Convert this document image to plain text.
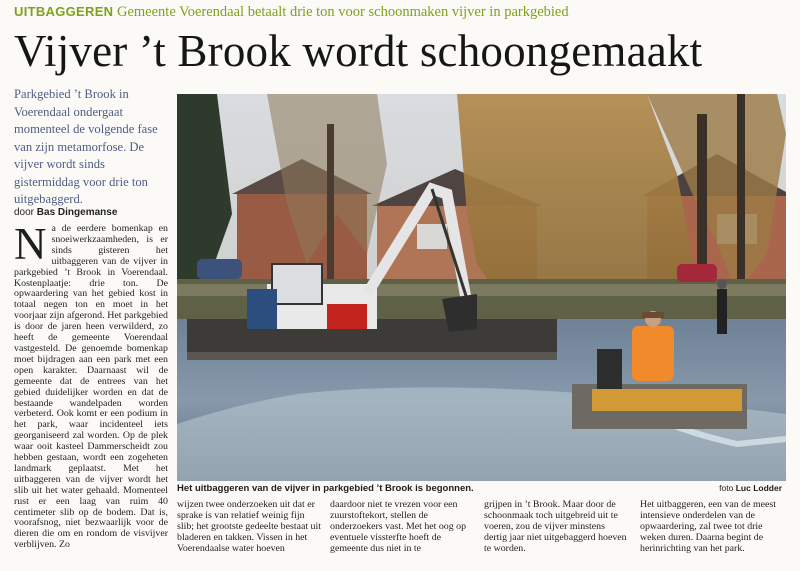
UITBAGGEREN Gemeente Voerendaal betaalt drie ton voor schoonmaken vijver in parkgebied
Vijver ’t Brook wordt schoongemaakt
Parkgebied ’t Brook in Voerendaal ondergaat momenteel de volgende fase van zijn metamorfose. De vijver wordt sinds gistermiddag voor drie ton uitgebaggerd.
door Bas Dingemanse
N a de eerdere bomenkap en snoeiwerkzaamheden, is er sinds gisteren het uitbaggeren van de vijver in parkgebied ’t Brook in Voerendaal. Kostenplaatje: drie ton. De opwaardering van het gebied kost in totaal negen ton en moet in het voorjaar zijn afgerond. Het parkgebied is door de jaren heen verwilderd, zo heeft de gemeente Voerendaal vastgesteld. De genoemde bomenkap moet bijdragen aan een park met een open karakter. Daarnaast wil de gemeente dat de entrees van het gebied duidelijker worden en dat de bestaande wandelpaden worden verbeterd. Ook komt er een podium in het park, waar incidenteel iets georganiseerd zal worden. Op de plek waar ooit kasteel Dammerscheidt zou hebben gestaan, wordt een zogeheten landmark geplaatst. Met het uitbaggeren van de vijver wordt het slib uit het water gehaald. Momenteel rust er een laag van ruim 40 centimeter slib op de bodem. Dat is, voorafsnog, niet bezwaarlijk voor de dieren die om en rondom de visvijver verblijven. Zo
Het uitbaggeren van de vijver in parkgebied ’t Brook is begonnen.	foto Luc Lodder
wijzen twee onderzoeken uit dat er sprake is van relatief weinig fijn slib; het grootste gedeelte bestaat uit bladeren en takken. Vissen in het Voerendaalse water hoeven
daardoor niet te vrezen voor een zuurstoftekort, stellen de onderzoekers vast. Met het oog op eventuele vissterfte hoeft de gemeente dus niet in te
grijpen in ’t Brook. Maar door de schoonmaak toch uitgebreid uit te voeren, zou de vijver minstens dertig jaar niet uitgebaggerd hoeven te worden.
Het uitbaggeren, een van de meest intensieve onderdelen van de opwaardering, zal twee tot drie weken duren. Daarna begint de herinrichting van het park.
